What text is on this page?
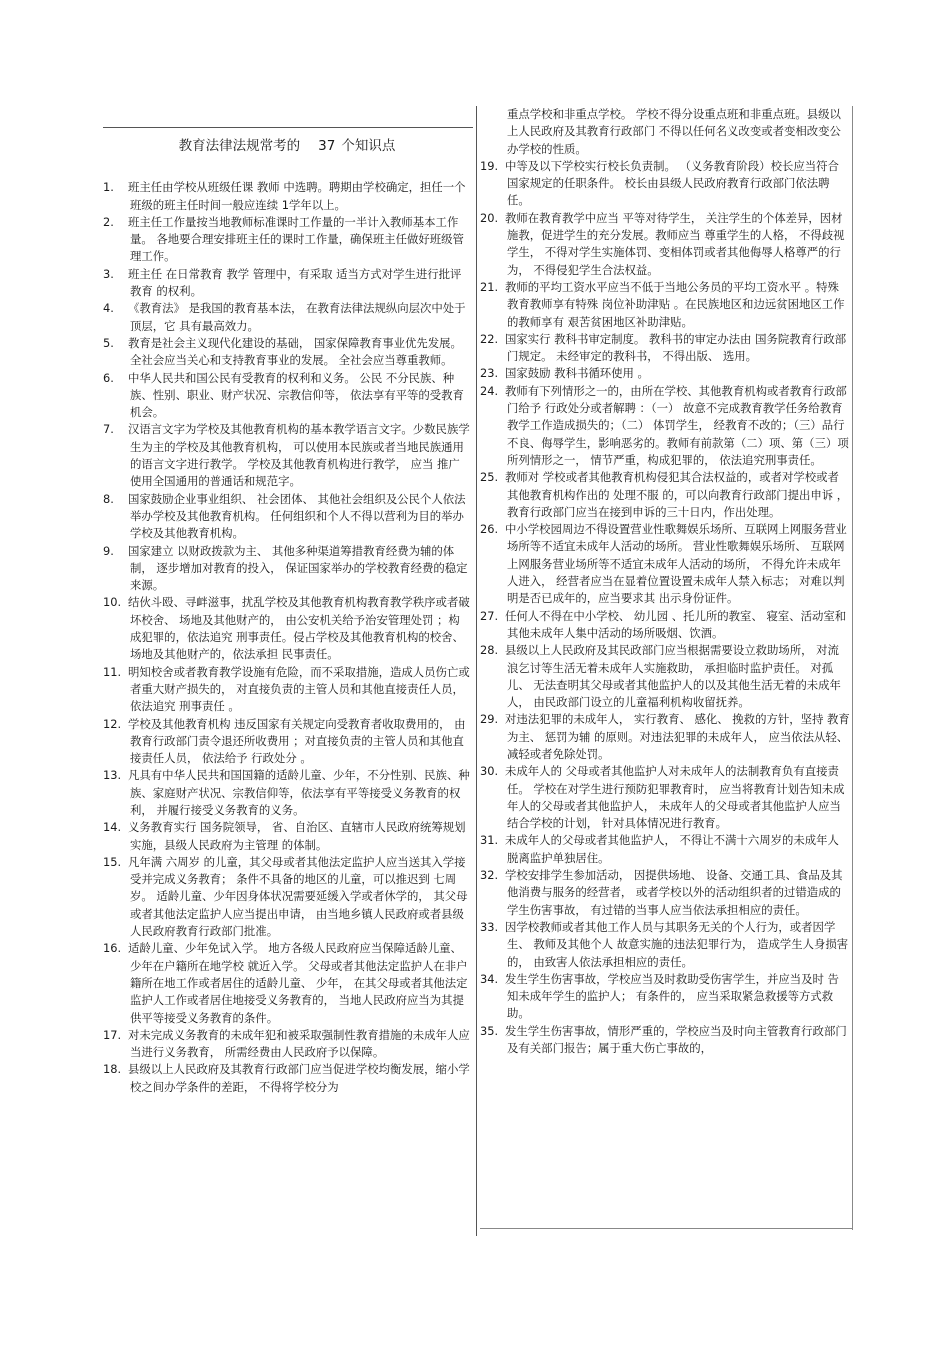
教育法律法规常考的 37 个知识点

1. 班主任由学校从班级任课 教师 中选聘。聘期由学校确定，担任一个班级的班主任时间一般应连续 1学年以上。

2. 班主任工作量按当地教师标准课时工作量的一半计入教师基本工作量。 各地要合理安排班主任的课时工作量，确保班主任做好班级管理工作。

3. 班主任 在日常教育 教学 管理中，有采取 适当方式对学生进行批评教育 的权利。

4. 《教育法》 是我国的教育基本法， 在教育法律法规纵向层次中处于顶层，它 具有最高效力。

5. 教育是社会主义现代化建设的基础， 国家保障教育事业优先发展。 全社会应当关心和支持教育事业的发展。 全社会应当尊重教师。

6. 中华人民共和国公民有受教育的权利和义务。 公民 不分民族、种族、性别、职业、财产状况、宗教信仰等， 依法享有平等的受教育机会。

7. 汉语言文字为学校及其他教育机构的基本教学语言文字。少数民族学生为主的学校及其他教育机构， 可以使用本民族或者当地民族通用的语言文字进行教学。 学校及其他教育机构进行教学， 应当 推广使用全国通用的普通话和规范字。

8. 国家鼓励企业事业组织、 社会团体、 其他社会组织及公民个人依法举办学校及其他教育机构。 任何组织和个人不得以营利为目的举办学校及其他教育机构。

9. 国家建立 以财政拨款为主、 其他多种渠道筹措教育经费为辅的体制， 逐步增加对教育的投入， 保证国家举办的学校教育经费的稳定来源。

10. 结伙斗殴、寻衅滋事，扰乱学校及其他教育机构教育教学秩序或者破坏校舍、 场地及其他财产的， 由公安机关给予治安管理处罚 ；构成犯罪的，依法追究 刑事责任。侵占学校及其他教育机构的校舍、场地及其他财产的，依法承担 民事责任。

11. 明知校舍或者教育教学设施有危险，而不采取措施，造成人员伤亡或者重大财产损失的， 对直接负责的主管人员和其他直接责任人员，依法追究 刑事责任 。

12. 学校及其他教育机构 违反国家有关规定向受教育者收取费用的， 由教育行政部门责令退还所收费用 ；对直接负责的主管人员和其他直接责任人员， 依法给予 行政处分 。

13. 凡具有中华人民共和国国籍的适龄儿童、少年，不分性别、民族、种族、家庭财产状况、宗教信仰等，依法享有平等接受义务教育的权利， 并履行接受义务教育的义务。

14. 义务教育实行 国务院领导， 省、自治区、直辖市人民政府统筹规划实施，县级人民政府为主管理 的体制。

15. 凡年满 六周岁 的儿童，其父母或者其他法定监护人应当送其入学接受并完成义务教育； 条件不具备的地区的儿童，可以推迟到 七周岁。 适龄儿童、少年因身体状况需要延缓入学或者休学的， 其父母或者其他法定监护人应当提出申请， 由当地乡镇人民政府或者县级人民政府教育行政部门批准。

16. 适龄儿童、少年免试入学。 地方各级人民政府应当保障适龄儿童、 少年在户籍所在地学校 就近入学。 父母或者其他法定监护人在非户籍所在地工作或者居住的适龄儿童、 少年， 在其父母或者其他法定监护人工作或者居住地接受义务教育的， 当地人民政府应当为其提供平等接受义务教育的条件。

17. 对未完成义务教育的未成年犯和被采取强制性教育措施的未成年人应当进行义务教育， 所需经费由人民政府予以保障。

18. 县级以上人民政府及其教育行政部门应当促进学校均衡发展，缩小学校之间办学条件的差距， 不得将学校分为

重点学校和非重点学校。 学校不得分设重点班和非重点班。县级以上人民政府及其教育行政部门 不得以任何名义改变或者变相改变公办学校的性质。

19. 中等及以下学校实行校长负责制。 （义务教育阶段）校长应当符合国家规定的任职条件。 校长由县级人民政府教育行政部门依法聘任。

20. 教师在教育教学中应当 平等对待学生， 关注学生的个体差异，因材施教，促进学生的充分发展。教师应当 尊重学生的人格， 不得歧视学生， 不得对学生实施体罚、变相体罚或者其他侮辱人格尊严的行为， 不得侵犯学生合法权益。

21. 教师的平均工资水平应当不低于当地公务员的平均工资水平 。特殊教育教师享有特殊 岗位补助津贴 。在民族地区和边远贫困地区工作的教师享有 艰苦贫困地区补助津贴。

22. 国家实行 教科书审定制度。 教科书的审定办法由 国务院教育行政部门规定。 未经审定的教科书， 不得出版、 选用。

23. 国家鼓励 教科书循环使用 。

24. 教师有下列情形之一的，由所在学校、其他教育机构或者教育行政部门给予 行政处分或者解聘 ：（一） 故意不完成教育教学任务给教育教学工作造成损失的；（二） 体罚学生， 经教育不改的；（三）品行不良、侮辱学生，影响恶劣的。教师有前款第（二）项、第（三）项所列情形之一， 情节严重，构成犯罪的， 依法追究刑事责任。

25. 教师对 学校或者其他教育机构侵犯其合法权益的，或者对学校或者其他教育机构作出的 处理不服 的，可以向教育行政部门提出申诉 ，教育行政部门应当在接到申诉的三十日内，作出处理。

26. 中小学校园周边不得设置营业性歌舞娱乐场所、互联网上网服务营业场所等不适宜未成年人活动的场所。 营业性歌舞娱乐场所、 互联网上网服务营业场所等不适宜未成年人活动的场所， 不得允许未成年人进入， 经营者应当在显着位置设置未成年人禁入标志； 对难以判明是否已成年的，应当要求其 出示身份证件。

27. 任何人不得在中小学校、 幼儿园 、托儿所的教室、 寝室、活动室和其他未成年人集中活动的场所吸烟、饮酒。

28. 县级以上人民政府及其民政部门应当根据需要设立救助场所， 对流浪乞讨等生活无着未成年人实施救助， 承担临时监护责任。 对孤儿、 无法查明其父母或者其他监护人的以及其他生活无着的未成年人， 由民政部门设立的儿童福利机构收留抚养。

29. 对违法犯罪的未成年人， 实行教育、 感化、 挽救的方针，坚持 教育为主、 惩罚为辅 的原则。对违法犯罪的未成年人， 应当依法从轻、减轻或者免除处罚。

30. 未成年人的 父母或者其他监护人对未成年人的法制教育负有直接责任。 学校在对学生进行预防犯罪教育时， 应当将教育计划告知未成年人的父母或者其他监护人， 未成年人的父母或者其他监护人应当结合学校的计划， 针对具体情况进行教育。

31. 未成年人的父母或者其他监护人， 不得让不满十六周岁的未成年人脱离监护单独居住。

32. 学校安排学生参加活动， 因提供场地、 设备、交通工具、食品及其他消费与服务的经营者， 或者学校以外的活动组织者的过错造成的 学生伤害事故， 有过错的当事人应当依法承担相应的责任。

33. 因学校教师或者其他工作人员与其职务无关的个人行为，或者因学生、 教师及其他个人 故意实施的违法犯罪行为， 造成学生人身损害的， 由致害人依法承担相应的责任。

34. 发生学生伤害事故，学校应当及时救助受伤害学生，并应当及时 告知未成年学生的监护人； 有条件的， 应当采取紧急救援等方式救助。

35. 发生学生伤害事故，情形严重的，学校应当及时向主管教育行政部门及有关部门报告；属于重大伤亡事故的，
